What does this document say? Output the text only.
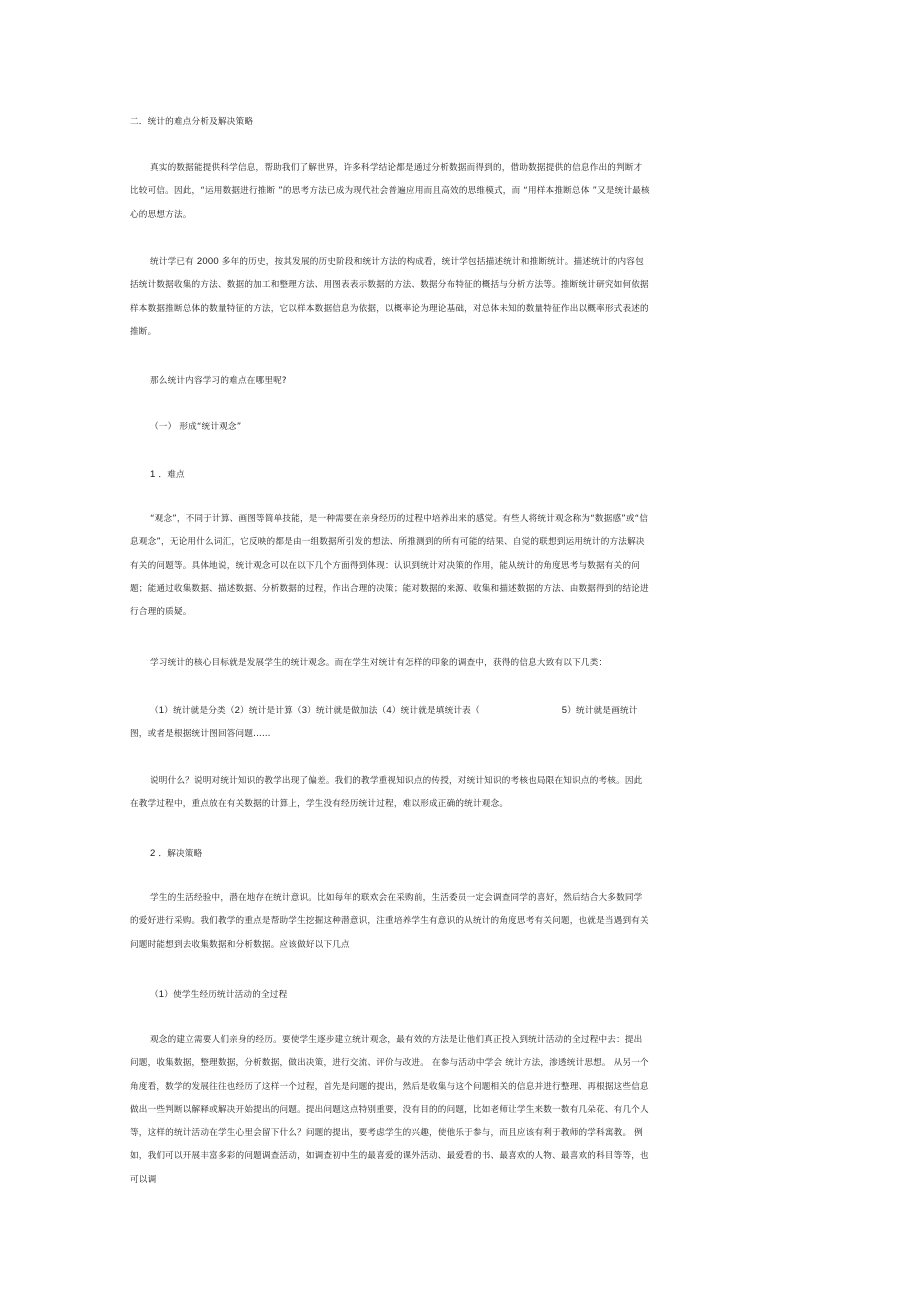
二．统计的难点分析及解决策略
真实的数据能提供科学信息，帮助我们了解世界，许多科学结论都是通过分析数据而得到的，借助数据提供的信息作出的判断才比较可信。因此，“运用数据进行推断 ”的思考方法已成为现代社会普遍应用而且高效的思维模式，而 “用样本推断总体 ”又是统计最核心的思想方法。
统计学已有 2000 多年的历史，按其发展的历史阶段和统计方法的构成看，统计学包括描述统计和推断统计。描述统计的内容包括统计数据收集的方法、数据的加工和整理方法、用图表表示数据的方法、数据分布特征的概括与分析方法等。推断统计研究如何依据样本数据推断总体的数量特征的方法，它以样本数据信息为依据，以概率论为理论基础，对总体未知的数量特征作出以概率形式表述的推断。
那么统计内容学习的难点在哪里呢?
（一） 形成“统计观念”
1 ．难点
“观念”，不同于计算、画图等简单技能，是一种需要在亲身经历的过程中培养出来的感觉。有些人将统计观念称为“数据感”或“信息观念”，无论用什么词汇，它反映的都是由一组数据所引发的想法、所推测到的所有可能的结果、自觉的联想到运用统计的方法解决有关的问题等。具体地说，统计观念可以在以下几个方面得到体现：认识到统计对决策的作用，能从统计的角度思考与数据有关的问题；能通过收集数据、描述数据、分析数据的过程，作出合理的决策；能对数据的来源、收集和描述数据的方法、由数据得到的结论进行合理的质疑。
学习统计的核心目标就是发展学生的统计观念。而在学生对统计有怎样的印象的调查中，获得的信息大致有以下几类：
（1）统计就是分类（2）统计是计算（3）统计就是做加法（4）统计就是填统计表（	5）统计就是画统计图，或者是根据统计图回答问题……
说明什么？说明对统计知识的教学出现了偏差。我们的教学重视知识点的传授，对统计知识的考核也局限在知识点的考核。因此在教学过程中，重点放在有关数据的计算上，学生没有经历统计过程，难以形成正确的统计观念。
2 ．解决策略
学生的生活经验中，潜在地存在统计意识。比如每年的联欢会在采购前，生活委员一定会调查同学的喜好，然后结合大多数同学的爱好进行采购。我们教学的重点是帮助学生挖掘这种潜意识，注重培养学生有意识的从统计的角度思考有关问题，也就是当遇到有关问题时能想到去收集数据和分析数据。应该做好以下几点
（1）使学生经历统计活动的全过程
观念的建立需要人们亲身的经历。要使学生逐步建立统计观念，最有效的方法是让他们真正投入到统计活动的全过程中去：提出问题，收集数据，整理数据，分析数据，做出决策，进行交流、评价与改进。 在参与活动中学会 统计方法，渗透统计思想。 从另一个角度看，数学的发展往往也经历了这样一个过程，首先是问题的提出，然后是收集与这个问题相关的信息并进行整理、再根据这些信息做出一些判断以解释或解决开始提出的问题。提出问题这点特别重要，没有目的的问题，比如老师让学生来数一数有几朵花、有几个人等，这样的统计活动在学生心里会留下什么？问题的提出，要考虑学生的兴趣，使他乐于参与，而且应该有利于教师的学科寓教。 例如，我们可以开展丰富多彩的问题调查活动，如调查初中生的最喜爱的课外活动、最爱看的书、最喜欢的人物、最喜欢的科目等等，也可以调
